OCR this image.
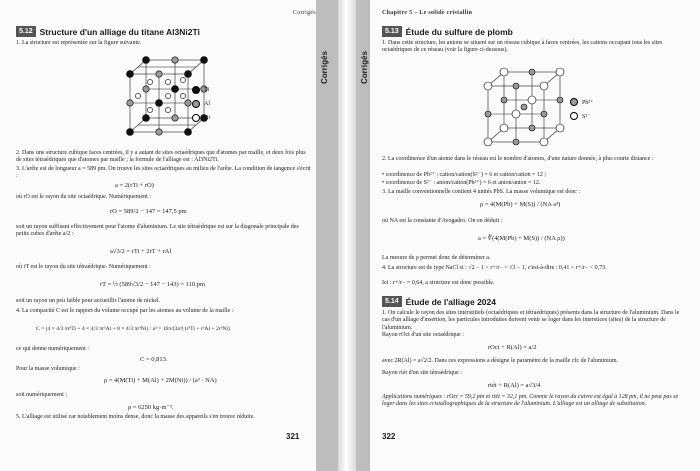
Corrigés
5.12 Structure d'un alliage du titane Al3Ni2Ti
1. La structure est représentée sur la figure suivante.
Ti
Al
Ni
2. Dans une structure cubique faces centrées, il y a autant de sites octaédriques que d'atomes par maille, et deux fois plus de sites tétraédriques que d'atomes par maille ; la formule de l'alliage est : Al3Ni2Ti.
3. L'arête est de longueur a = 589 pm. On trouve les sites octaédriques au milieu de l'arête. La condition de tangence s'écrit :
a = 2(rTi + rO)
où rO est le rayon du site octaédrique. Numériquement :
rO = 589/2 − 147 = 147,5 pm
soit un rayon suffisant effectivement pour l'atome d'aluminium. Le site tétraédrique est sur la diagonale principale des petits cubes d'arête a/2 :
a√3/2 = rTi + 2rT + rAl
où rT est le rayon du site tétraédrique. Numériquement :
rT = ½ (589√3/2 − 147 − 143) = 110 pm
soit un rayon un peu faible pour accueillir l'atome de nickel.
4. La compacité C est le rapport du volume occupé par les atomes au volume de la maille :
C = (4 × 4/3 πr³Ti + 4 × 4/3 πr³Al + 8 × 4/3 πr³Ni) / a³ = 16π/(3a³) (r³Ti + r³Al + 2r³Ni)
ce qui donne numériquement :
C = 0,813.
Pour la masse volumique :
ρ = 4(M(Ti) + M(Al) + 2M(Ni)) / (a³ · NA)
soit numériquement :
ρ = 6250 kg·m⁻³.
5. L'alliage est utilisé car notablement moins dense, donc la masse des appareils s'en trouve réduite.
321
Corrigés	Corrigés
Chapitre 5 – Le solide cristallin
5.13 Étude du sulfure de plomb
1. Dans cette structure, les anions se situent sur un réseau cubique à faces centrées, les cations occupant tous les sites octaédriques de ce réseau (voir la figure ci-dessous).
Pb²⁺
S²⁻
2. La coordinence d'un atome dans le réseau est le nombre d'atomes, d'une nature donnée, à plus courte distance :
• coordinence de Pb²⁺ : cation/cation(S²⁻) = 6 et cation/cation = 12 ;
• coordinence de S²⁻ : anion/cation(Pb²⁺) = 6 et anion/anion = 12.
3. La maille conventionnelle contient 4 unités PbS. La masse volumique est donc :
ρ = 4(M(Pb) + M(S)) / (NA a³)
où NA est la constante d'Avogadro. On en déduit :
a = ∛(4(M(Pb) + M(S)) / (NA ρ))
La mesure de ρ permet donc de déterminer a.
4. La structure est de type NaCl si : √2 − 1 < r+/r− < √3 − 1, c'est-à-dire : 0,41 < r+/r− < 0,73.
Ici : r+/r− = 0,64, a structure est donc possible.
5.14 Étude de l'alliage 2024
1. On calcule le rayon des sites interstitiels (octaédriques et tétraédriques) présents dans la structure de l'aluminium. Dans le cas d'un alliage d'insertion, les particules introduites doivent venir se loger dans les interstices (sites) de la structure de l'aluminium.
Rayon rOct d'un site octaédrique :
rOct + R(Al) = a/2
avec 2R(Al) = a√2/2. Dans ces expressions a désigne le paramètre de la maille cfc de l'aluminium.
Rayon rtét d'un site tétraédrique :
rtét + R(Al) = a√3/4
Applications numériques : rOct = 59,2 pm et rtét = 32,1 pm. Comme le rayon du cuivre est égal à 128 pm, il ne peut pas se loger dans les sites cristallographiques de la structure de l'aluminium. L'alliage est un alliage de substitution.
322
